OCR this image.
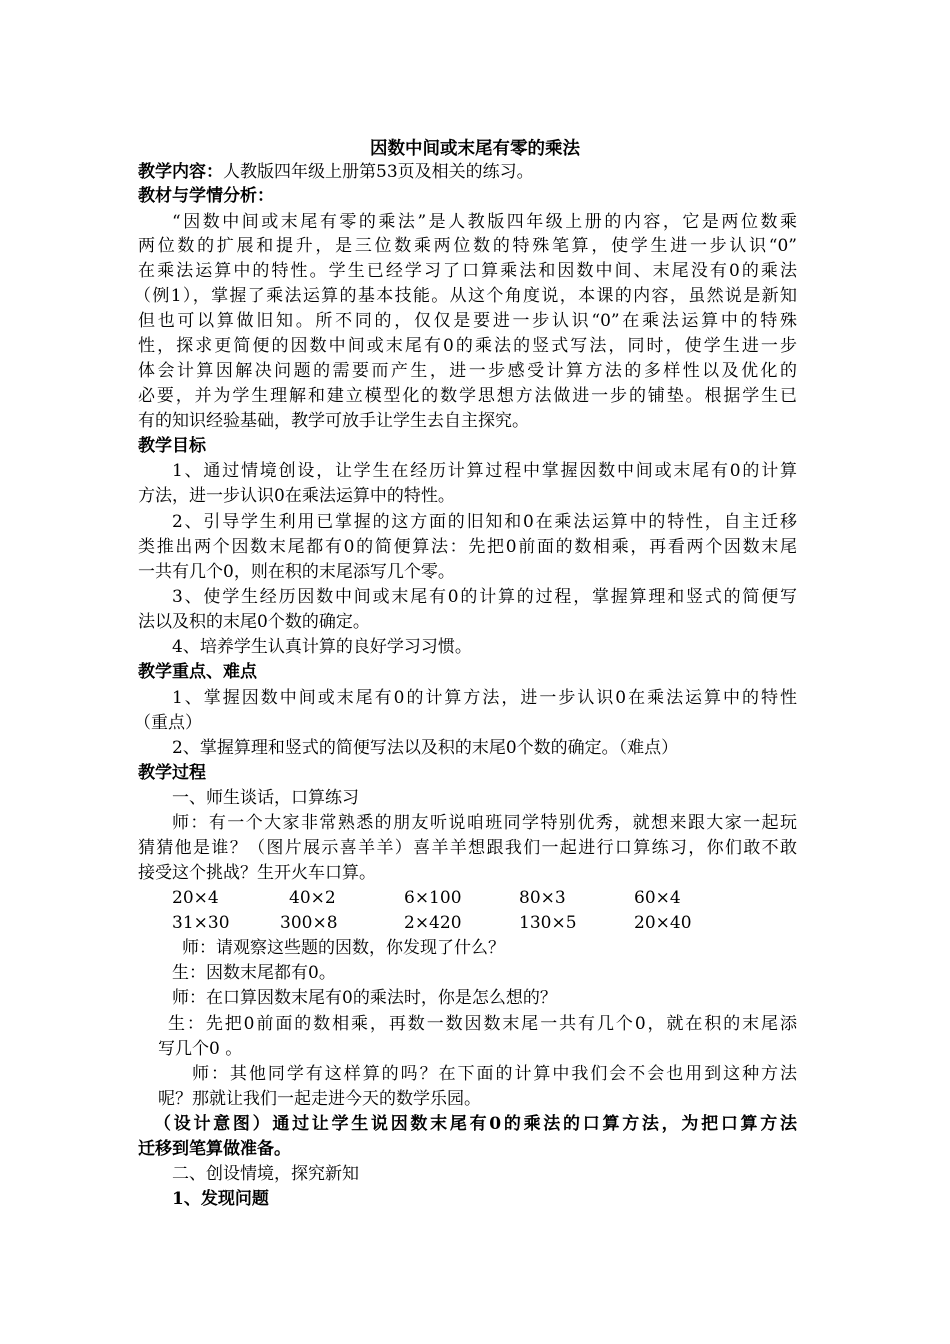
因数中间或末尾有零的乘法
教学内容：人教版四年级上册第53页及相关的练习。
教材与学情分析：
“因数中间或末尾有零的乘法”是人教版四年级上册的内容，它是两位数乘
两位数的扩展和提升，是三位数乘两位数的特殊笔算，使学生进一步认识“0”
在乘法运算中的特性。学生已经学习了口算乘法和因数中间、末尾没有0的乘法
（例1），掌握了乘法运算的基本技能。从这个角度说，本课的内容，虽然说是新知
但也可以算做旧知。所不同的，仅仅是要进一步认识“0”在乘法运算中的特殊
性，探求更简便的因数中间或末尾有0的乘法的竖式写法，同时，使学生进一步
体会计算因解决问题的需要而产生，进一步感受计算方法的多样性以及优化的
必要，并为学生理解和建立模型化的数学思想方法做进一步的铺垫。根据学生已
有的知识经验基础，教学可放手让学生去自主探究。
教学目标
1、通过情境创设，让学生在经历计算过程中掌握因数中间或末尾有0的计算
方法，进一步认识0在乘法运算中的特性。
2、引导学生利用已掌握的这方面的旧知和0在乘法运算中的特性，自主迁移
类推出两个因数末尾都有0的简便算法：先把0前面的数相乘，再看两个因数末尾
一共有几个0，则在积的末尾添写几个零。
3、使学生经历因数中间或末尾有0的计算的过程，掌握算理和竖式的简便写
法以及积的末尾0个数的确定。
4、培养学生认真计算的良好学习习惯。
教学重点、难点
1、掌握因数中间或末尾有0的计算方法，进一步认识0在乘法运算中的特性
（重点）
2、掌握算理和竖式的简便写法以及积的末尾0个数的确定。（难点）
教学过程
一、师生谈话，口算练习
师：有一个大家非常熟悉的朋友听说咱班同学特别优秀，就想来跟大家一起玩
猜猜他是谁？（图片展示喜羊羊）喜羊羊想跟我们一起进行口算练习，你们敢不敢
接受这个挑战？生开火车口算。
20×4	40×2	6×100	80×3	60×4
31×30	300×8	2×420	130×5	20×40
师：请观察这些题的因数，你发现了什么？
生：因数末尾都有0。
师：在口算因数末尾有0的乘法时，你是怎么想的？
生：先把0前面的数相乘，再数一数因数末尾一共有几个0，就在积的末尾添
写几个0 。
师：其他同学有这样算的吗？在下面的计算中我们会不会也用到这种方法
呢？那就让我们一起走进今天的数学乐园。
（设计意图）通过让学生说因数末尾有0的乘法的口算方法，为把口算方法
迁移到笔算做准备。
二、创设情境，探究新知
1、发现问题
